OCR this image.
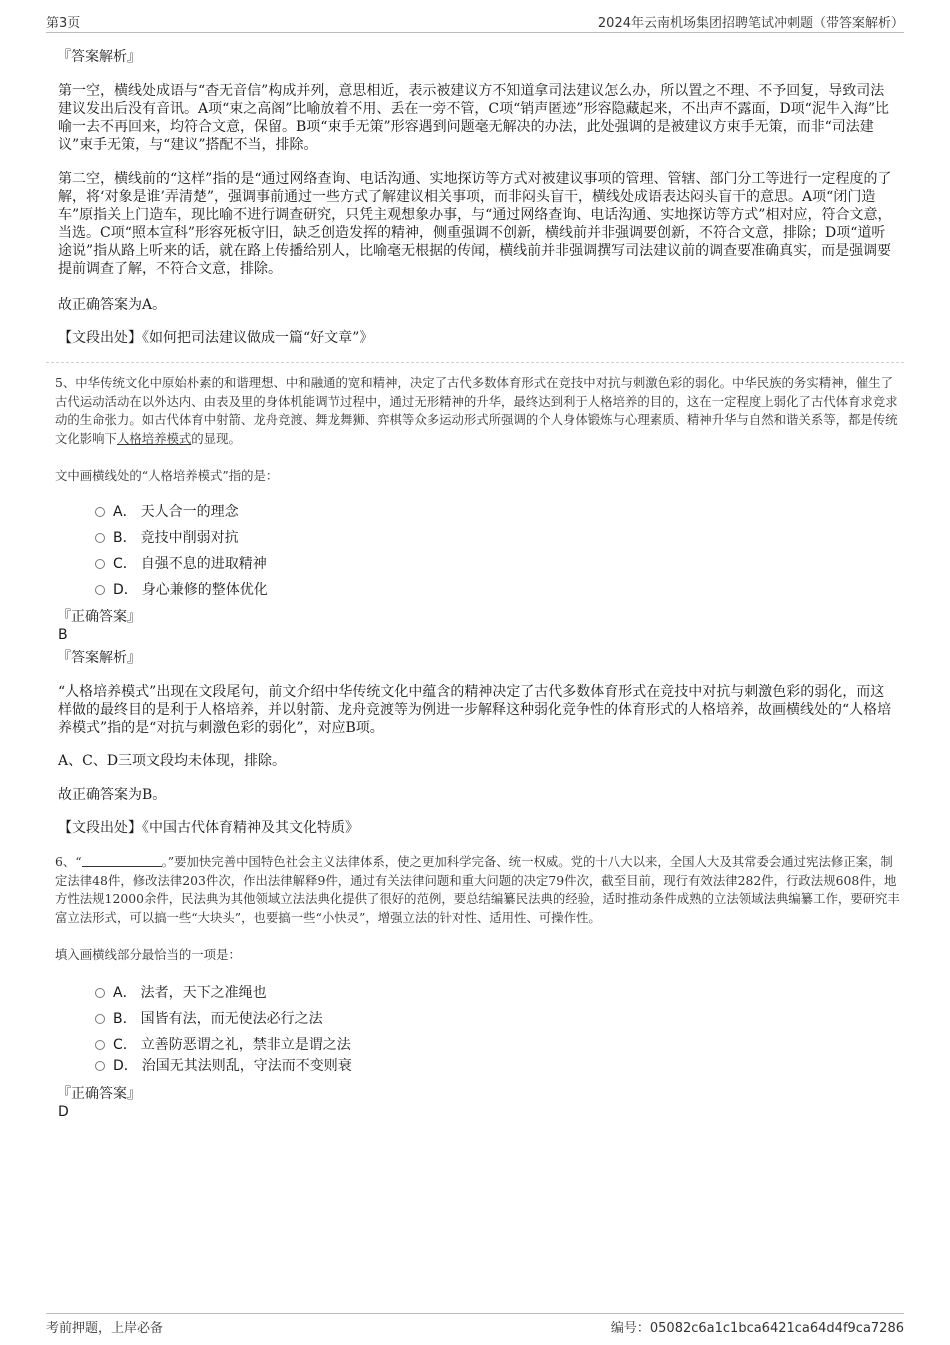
第3页	2024年云南机场集团招聘笔试冲刺题（带答案解析）
『答案解析』
第一空，横线处成语与“杳无音信”构成并列，意思相近，表示被建议方不知道拿司法建议怎么办，所以置之不理、不予回复，导致司法建议发出后没有音讯。A项“束之高阁”比喻放着不用、丢在一旁不管，C项“销声匿迹”形容隐藏起来，不出声不露面，D项“泥牛入海”比喻一去不再回来，均符合文意，保留。B项“束手无策”形容遇到问题毫无解决的办法，此处强调的是被建议方束手无策，而非“司法建议”束手无策，与“建议”搭配不当，排除。
第二空，横线前的“这样”指的是“通过网络查询、电话沟通、实地探访等方式对被建议事项的管理、管辖、部门分工等进行一定程度的了解，将‘对象是谁’弄清楚”，强调事前通过一些方式了解建议相关事项，而非闷头盲干，横线处成语表达闷头盲干的意思。A项“闭门造车”原指关上门造车，现比喻不进行调查研究，只凭主观想象办事，与“通过网络查询、电话沟通、实地探访等方式”相对应，符合文意，当选。C项“照本宣科”形容死板守旧，缺乏创造发挥的精神，侧重强调不创新，横线前并非强调要创新，不符合文意，排除；D项“道听途说”指从路上听来的话，就在路上传播给别人，比喻毫无根据的传闻，横线前并非强调撰写司法建议前的调查要准确真实，而是强调要提前调查了解，不符合文意，排除。
故正确答案为A。
【文段出处】《如何把司法建议做成一篇“好文章”》
5、中华传统文化中原始朴素的和谐理想、中和融通的宽和精神，决定了古代多数体育形式在竞技中对抗与刺激色彩的弱化。中华民族的务实精神，催生了古代运动活动在以外达内、由表及里的身体机能调节过程中，通过无形精神的升华，最终达到利于人格培养的目的，这在一定程度上弱化了古代体育求竞求动的生命张力。如古代体育中射箭、龙舟竞渡、舞龙舞狮、弈棋等众多运动形式所强调的个人身体锻炼与心理素质、精神升华与自然和谐关系等，都是传统文化影响下人格培养模式的显现。
文中画横线处的“人格培养模式”指的是：
A． 天人合一的理念
B． 竞技中削弱对抗
C． 自强不息的进取精神
D． 身心兼修的整体优化
『正确答案』
B
『答案解析』
“人格培养模式”出现在文段尾句，前文介绍中华传统文化中蕴含的精神决定了古代多数体育形式在竞技中对抗与刺激色彩的弱化，而这样做的最终目的是利于人格培养，并以射箭、龙舟竞渡等为例进一步解释这种弱化竞争性的体育形式的人格培养，故画横线处的“人格培养模式”指的是“对抗与刺激色彩的弱化”，对应B项。
A、C、D三项文段均未体现，排除。
故正确答案为B。
【文段出处】《中国古代体育精神及其文化特质》
6、“	。”要加快完善中国特色社会主义法律体系，使之更加科学完备、统一权威。党的十八大以来，全国人大及其常委会通过宪法修正案，制定法律48件，修改法律203件次，作出法律解释9件，通过有关法律问题和重大问题的决定79件次，截至目前，现行有效法律282件，行政法规608件，地方性法规12000余件，民法典为其他领域立法法典化提供了很好的范例，要总结编纂民法典的经验，适时推动条件成熟的立法领域法典编纂工作，要研究丰富立法形式，可以搞一些“大块头”，也要搞一些“小快灵”，增强立法的针对性、适用性、可操作性。
填入画横线部分最恰当的一项是：
A． 法者，天下之准绳也
B． 国皆有法，而无使法必行之法
C． 立善防恶谓之礼，禁非立是谓之法
D． 治国无其法则乱，守法而不变则衰
『正确答案』
D
考前押题，上岸必备	编号：05082c6a1c1bca6421ca64d4f9ca7286
